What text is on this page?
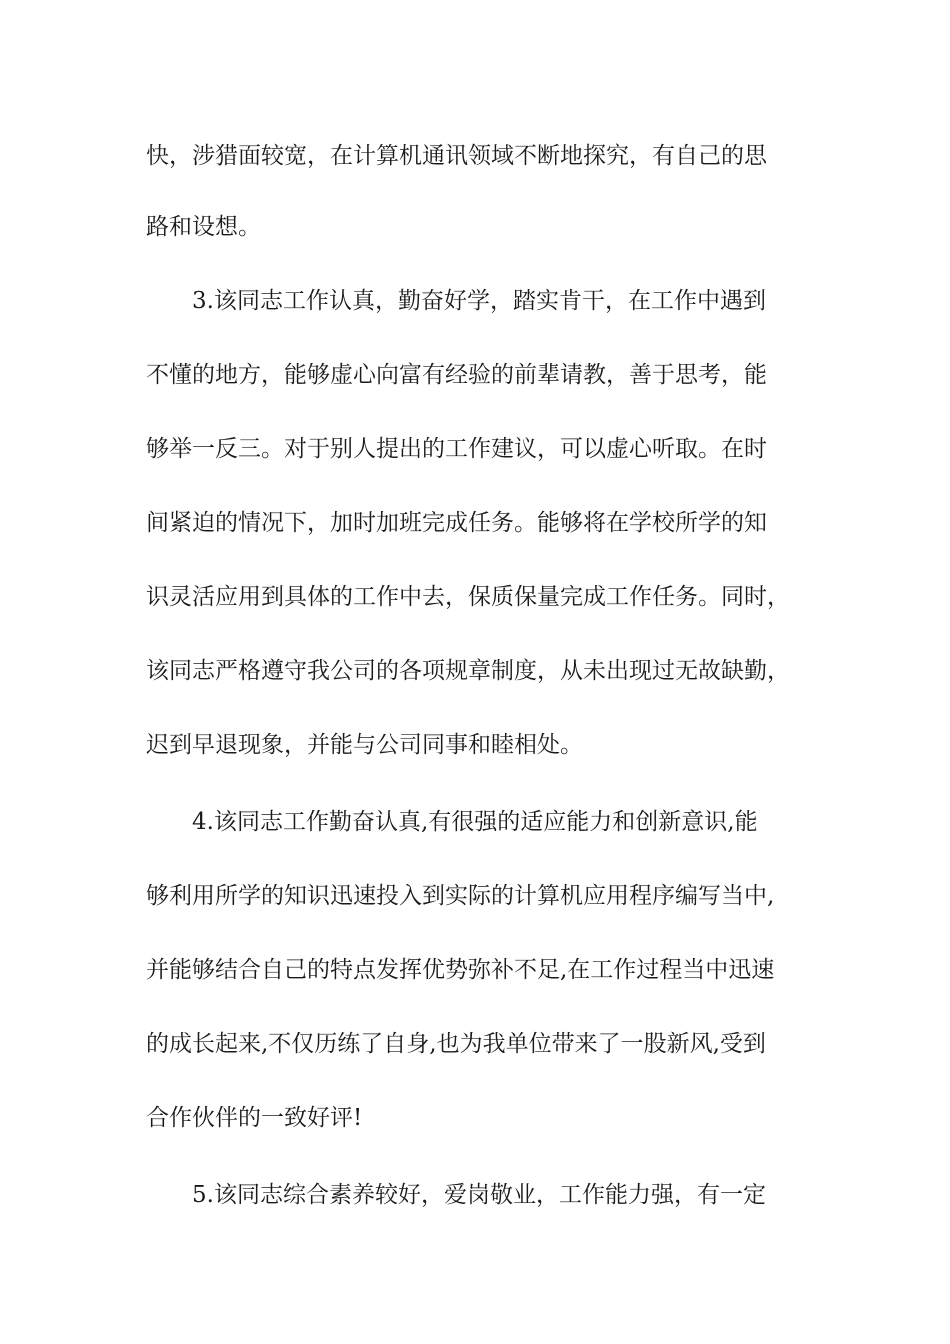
快，涉猎面较宽，在计算机通讯领域不断地探究，有自己的思

路和设想。

3.该同志工作认真，勤奋好学，踏实肯干，在工作中遇到

不懂的地方，能够虚心向富有经验的前辈请教，善于思考，能

够举一反三。对于别人提出的工作建议，可以虚心听取。在时

间紧迫的情况下，加时加班完成任务。能够将在学校所学的知

识灵活应用到具体的工作中去，保质保量完成工作任务。同时，

该同志严格遵守我公司的各项规章制度，从未出现过无故缺勤，

迟到早退现象，并能与公司同事和睦相处。

4.该同志工作勤奋认真,有很强的适应能力和创新意识,能

够利用所学的知识迅速投入到实际的计算机应用程序编写当中,

并能够结合自己的特点发挥优势弥补不足,在工作过程当中迅速

的成长起来,不仅历练了自身,也为我单位带来了一股新风,受到

合作伙伴的一致好评!

5.该同志综合素养较好，爱岗敬业，工作能力强，有一定
